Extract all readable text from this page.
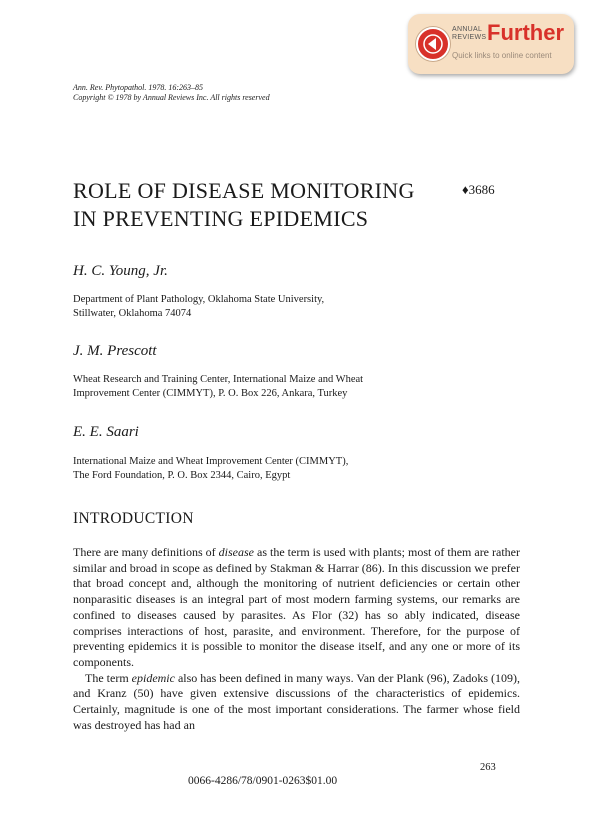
ANNUAL
REVIEWS Further
Quick links to online content
Ann. Rev. Phytopathol. 1978. 16:263–85
Copyright © 1978 by Annual Reviews Inc. All rights reserved
ROLE OF DISEASE MONITORING
IN PREVENTING EPIDEMICS
♦3686
H. C. Young, Jr.
Department of Plant Pathology, Oklahoma State University,
Stillwater, Oklahoma 74074
J. M. Prescott
Wheat Research and Training Center, International Maize and Wheat
Improvement Center (CIMMYT), P. O. Box 226, Ankara, Turkey
E. E. Saari
International Maize and Wheat Improvement Center (CIMMYT),
The Ford Foundation, P. O. Box 2344, Cairo, Egypt
INTRODUCTION

There are many definitions of disease as the term is used with plants; most of them are rather similar and broad in scope as defined by Stakman & Harrar (86). In this discussion we prefer that broad concept and, although the monitoring of nutrient deficiencies or certain other nonparasitic diseases is an integral part of most modern farming systems, our remarks are confined to diseases caused by parasites. As Flor (32) has so ably indicated, disease comprises interactions of host, parasite, and environment. Therefore, for the purpose of preventing epidemics it is possible to monitor the disease itself, and any one or more of its components.

The term epidemic also has been defined in many ways. Van der Plank (96), Zadoks (109), and Kranz (50) have given extensive discussions of the characteristics of epidemics. Certainly, magnitude is one of the most important considerations. The farmer whose field was destroyed has had an

263
0066-4286/78/0901-0263$01.00
